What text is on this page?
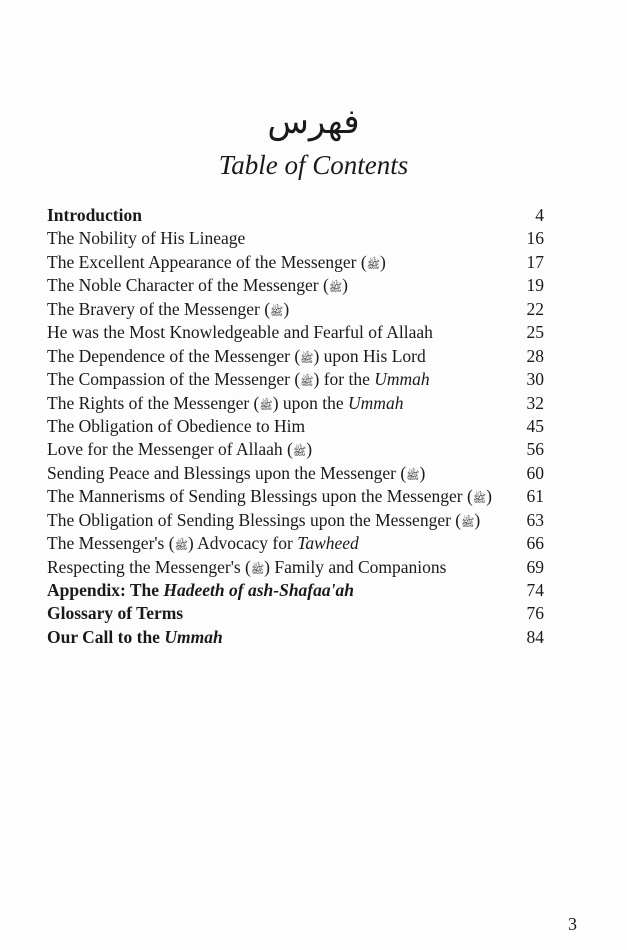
فهرس
Table of Contents
Introduction	4
The Nobility of His Lineage	16
The Excellent Appearance of the Messenger (ﷺ)	17
The Noble Character of the Messenger (ﷺ)	19
The Bravery of the Messenger (ﷺ)	22
He was the Most Knowledgeable and Fearful of Allaah	25
The Dependence of the Messenger (ﷺ) upon His Lord	28
The Compassion of the Messenger (ﷺ) for the Ummah	30
The Rights of the Messenger (ﷺ) upon the Ummah	32
The Obligation of Obedience to Him	45
Love for the Messenger of Allaah (ﷺ)	56
Sending Peace and Blessings upon the Messenger (ﷺ)	60
The Mannerisms of Sending Blessings upon the Messenger (ﷺ) 61
The Obligation of Sending Blessings upon the Messenger (ﷺ)	63
The Messenger's (ﷺ) Advocacy for Tawheed	66
Respecting the Messenger's (ﷺ) Family and Companions	69
Appendix: The Hadeeth of ash-Shafaa'ah	74
Glossary of Terms	76
Our Call to the Ummah	84
3
